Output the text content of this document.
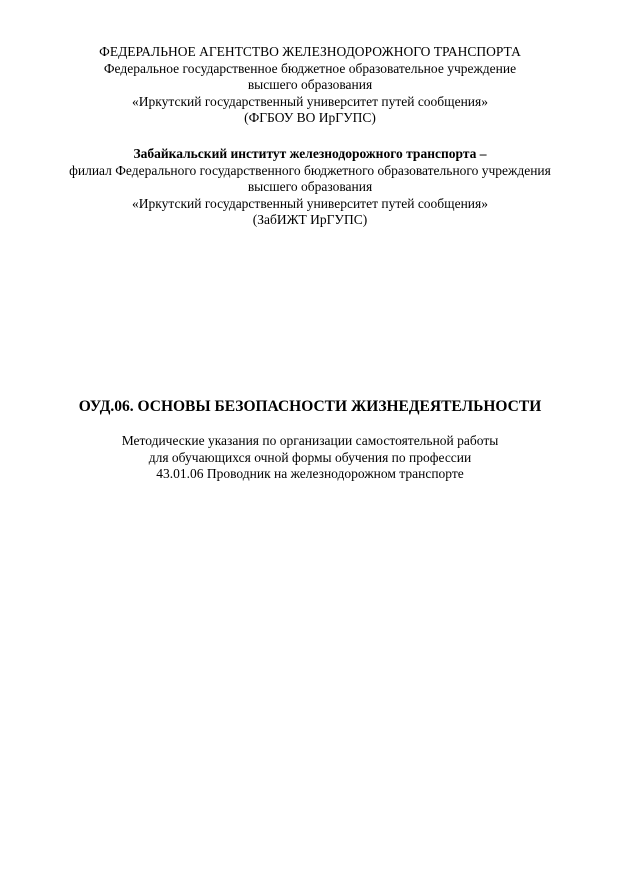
ФЕДЕРАЛЬНОЕ АГЕНТСТВО ЖЕЛЕЗНОДОРОЖНОГО ТРАНСПОРТА
Федеральное государственное бюджетное образовательное учреждение
высшего образования
«Иркутский государственный университет путей сообщения»
(ФГБОУ ВО ИрГУПС)
Забайкальский институт железнодорожного транспорта –
филиал Федерального государственного бюджетного образовательного учреждения
высшего образования
«Иркутский государственный университет путей сообщения»
(ЗабИЖТ ИрГУПС)
ОУД.06. ОСНОВЫ БЕЗОПАСНОСТИ ЖИЗНЕДЕЯТЕЛЬНОСТИ
Методические указания по организации самостоятельной работы
для обучающихся очной формы обучения по профессии
43.01.06 Проводник на железнодорожном транспорте
